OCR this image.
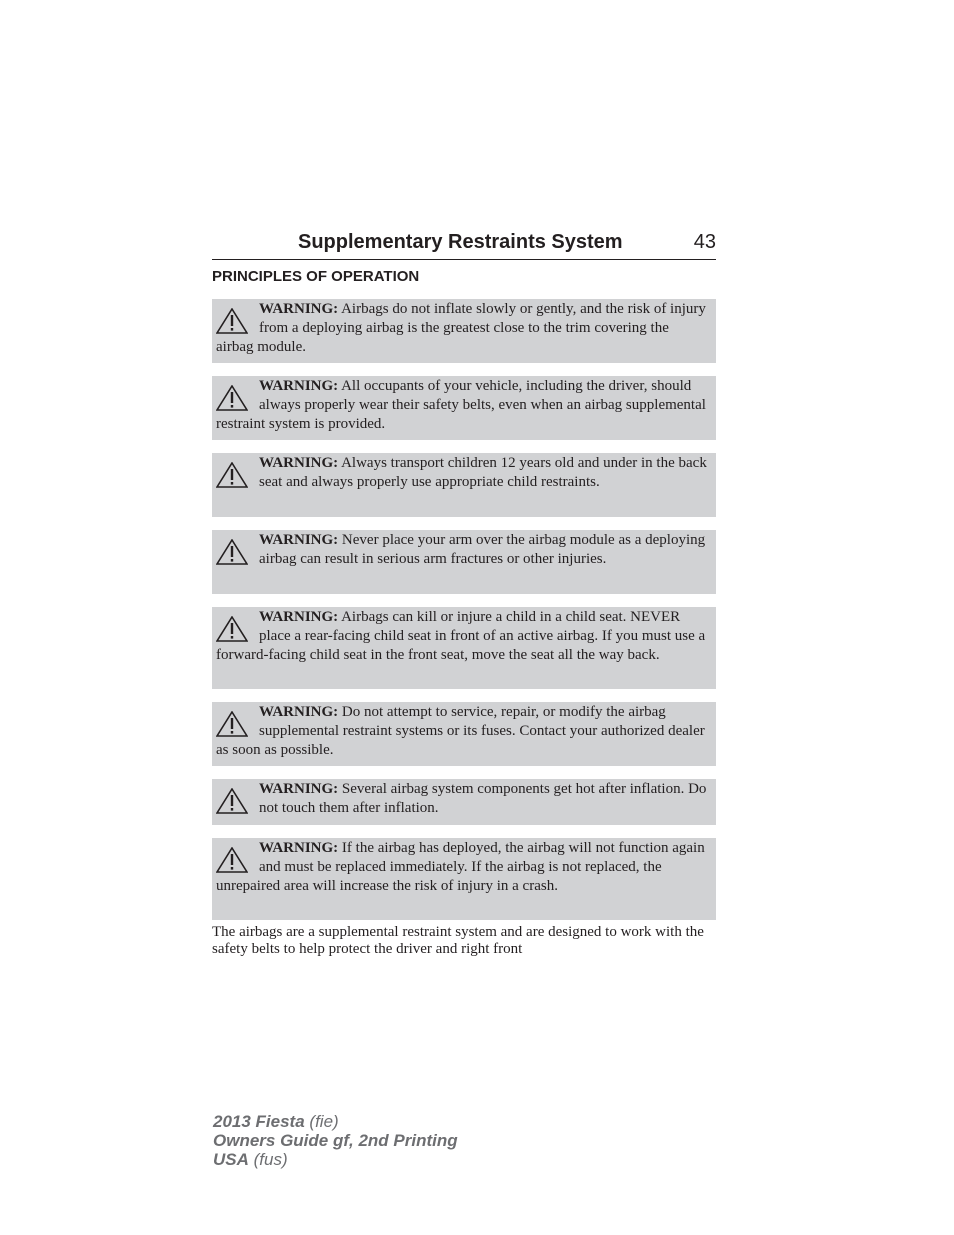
Supplementary Restraints System	43
PRINCIPLES OF OPERATION
WARNING: Airbags do not inflate slowly or gently, and the risk of injury from a deploying airbag is the greatest close to the trim covering the airbag module.
WARNING: All occupants of your vehicle, including the driver, should always properly wear their safety belts, even when an airbag supplemental restraint system is provided.
WARNING: Always transport children 12 years old and under in the back seat and always properly use appropriate child restraints.
WARNING: Never place your arm over the airbag module as a deploying airbag can result in serious arm fractures or other injuries.
WARNING: Airbags can kill or injure a child in a child seat. NEVER place a rear-facing child seat in front of an active airbag. If you must use a forward-facing child seat in the front seat, move the seat all the way back.
WARNING: Do not attempt to service, repair, or modify the airbag supplemental restraint systems or its fuses. Contact your authorized dealer as soon as possible.
WARNING: Several airbag system components get hot after inflation. Do not touch them after inflation.
WARNING: If the airbag has deployed, the airbag will not function again and must be replaced immediately. If the airbag is not replaced, the unrepaired area will increase the risk of injury in a crash.
The airbags are a supplemental restraint system and are designed to work with the safety belts to help protect the driver and right front
2013 Fiesta (fie)
Owners Guide gf, 2nd Printing
USA (fus)
